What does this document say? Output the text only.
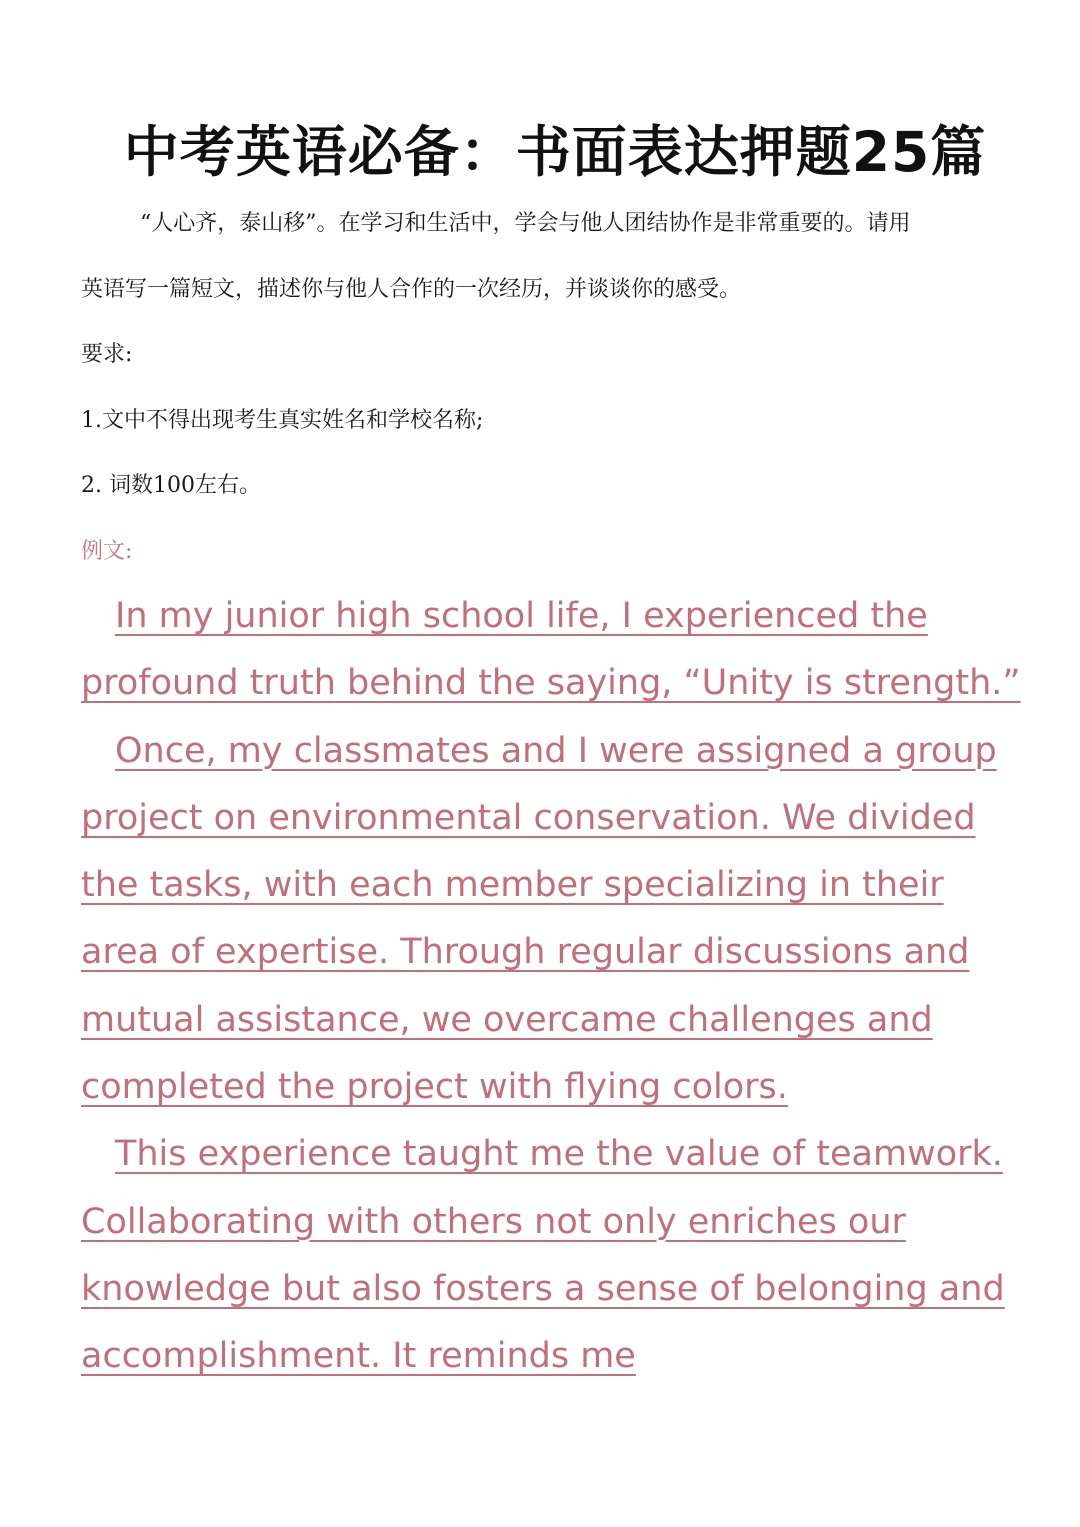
中考英语必备：书面表达押题25篇
“人心齐，泰山移”。在学习和生活中，学会与他人团结协作是非常重要的。请用
英语写一篇短文，描述你与他人合作的一次经历，并谈谈你的感受。
要求:
1.文中不得出现考生真实姓名和学校名称;
2. 词数100左右。
例文:

In my junior high school life, I experienced the profound truth behind the saying, “Unity is strength.”

Once, my classmates and I were assigned a group project on environmental conservation. We divided the tasks, with each member specializing in their area of expertise. Through regular discussions and mutual assistance, we overcame challenges and completed the project with flying colors.

This experience taught me the value of teamwork. Collaborating with others not only enriches our knowledge but also fosters a sense of belonging and accomplishment. It reminds me
